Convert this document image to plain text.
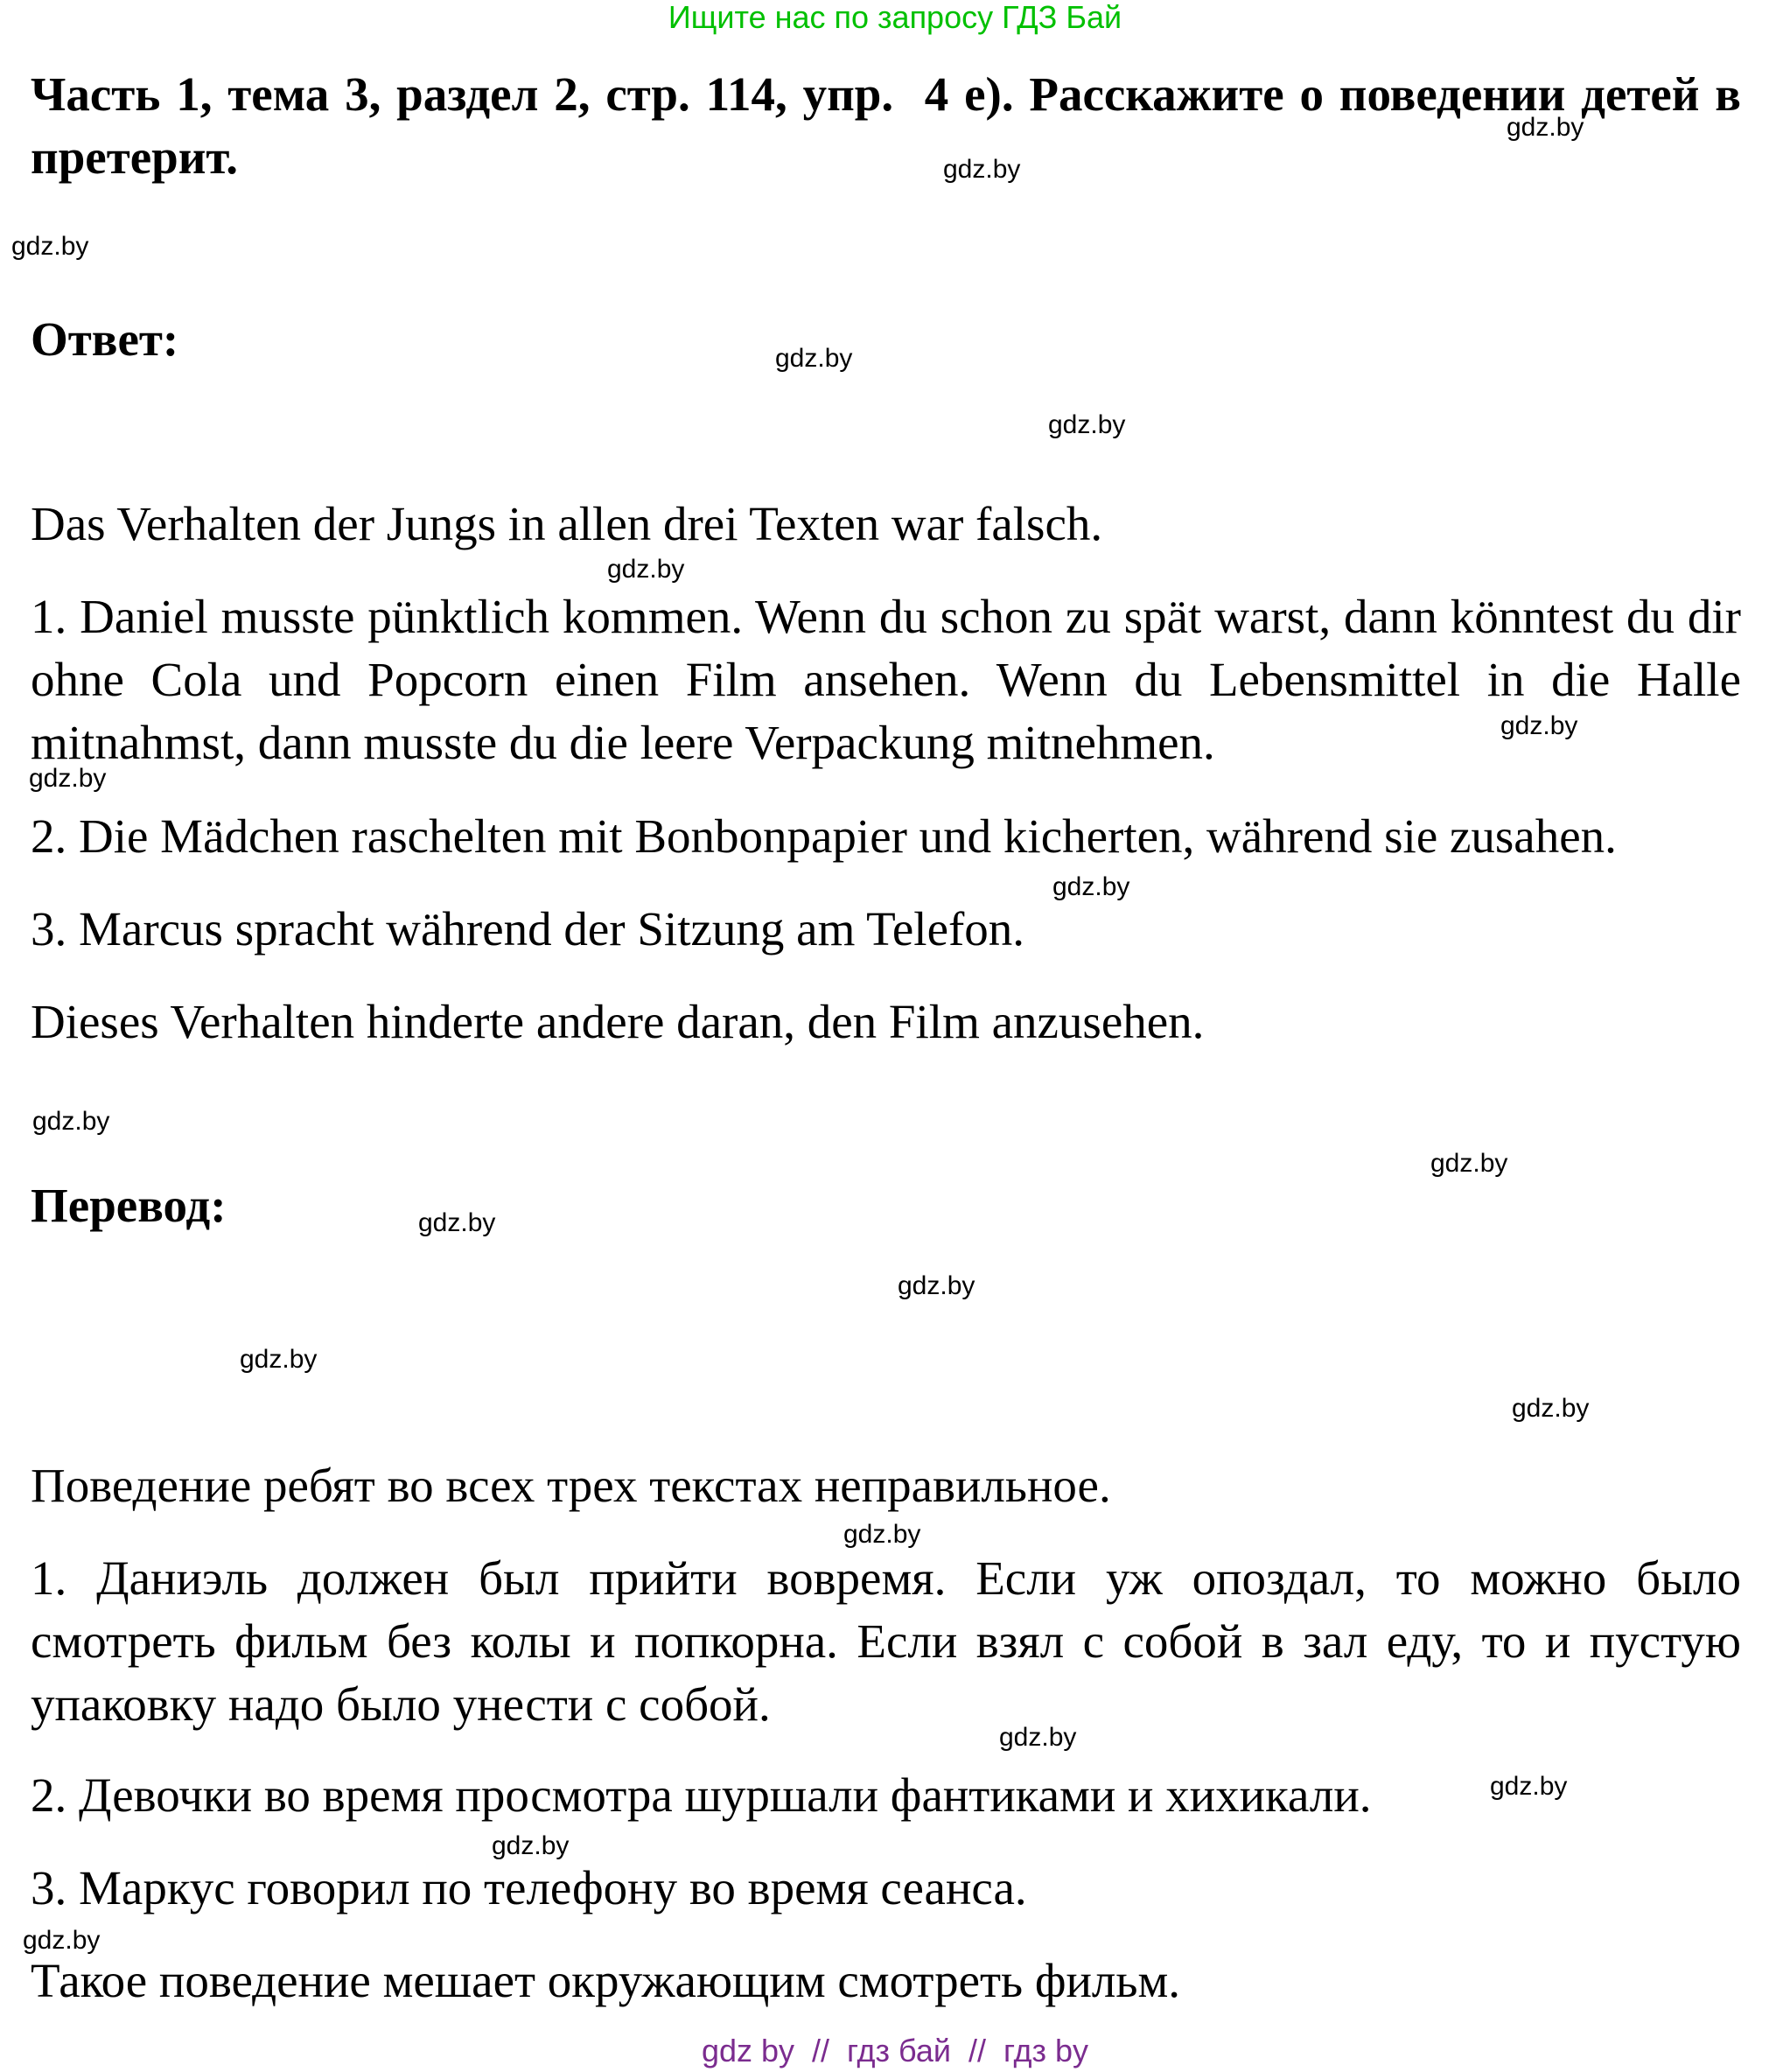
Ищите нас по запросу ГДЗ Бай
Часть 1, тема 3, раздел 2, стр. 114, упр.  4 е). Расскажите о поведении детей в претерит.
Ответ:
Das Verhalten der Jungs in allen drei Texten war falsch.
1. Daniel musste pünktlich kommen. Wenn du schon zu spät warst, dann könntest du dir ohne Cola und Popcorn einen Film ansehen. Wenn du Lebensmittel in die Halle mitnahmst, dann musste du die leere Verpackung mitnehmen.
2. Die Mädchen raschelten mit Bonbonpapier und kicherten, während sie zusahen.
3. Marcus spracht während der Sitzung am Telefon.
Dieses Verhalten hinderte andere daran, den Film anzusehen.
Перевод:
Поведение ребят во всех трех текстах неправильное.
1. Даниэль должен был прийти вовремя. Если уж опоздал, то можно было смотреть фильм без колы и попкорна. Если взял с собой в зал еду, то и пустую упаковку надо было унести с собой.
2. Девочки во время просмотра шуршали фантиками и хихикали.
3. Маркус говорил по телефону во время сеанса.
Такое поведение мешает окружающим смотреть фильм.
gdz.by
gdz.by
gdz.by
gdz.by
gdz.by
gdz.by
gdz.by
gdz.by
gdz.by
gdz.by
gdz.by
gdz.by
gdz.by
gdz.by
gdz.by
gdz.by
gdz.by
gdz.by
gdz.by
gdz.by
gdz by  //  гдз бай  //  гдз by
